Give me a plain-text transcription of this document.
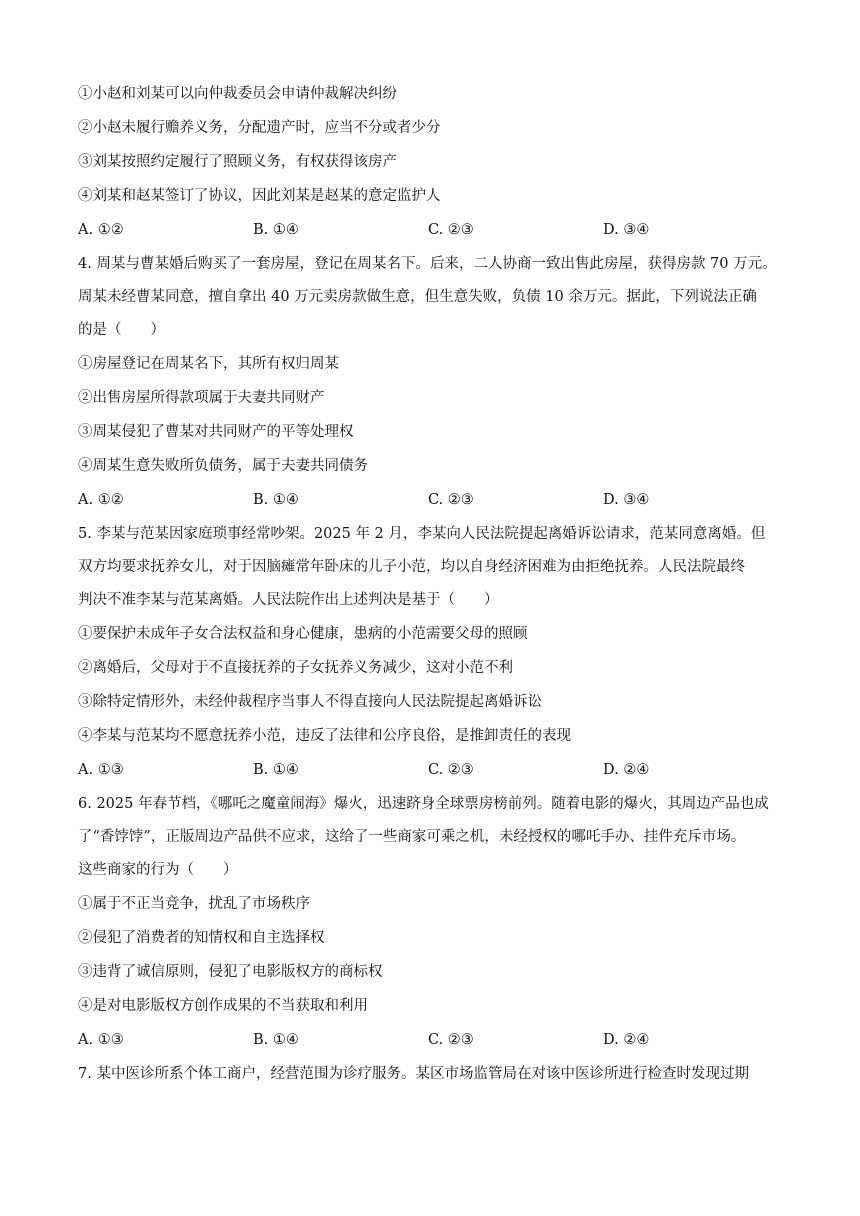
①小赵和刘某可以向仲裁委员会申请仲裁解决纠纷

②小赵未履行赡养义务，分配遗产时，应当不分或者少分

③刘某按照约定履行了照顾义务，有权获得该房产

④刘某和赵某签订了协议，因此刘某是赵某的意定监护人

A. ①②	B. ①④	C. ②③	D. ③④

4. 周某与曹某婚后购买了一套房屋，登记在周某名下。后来，二人协商一致出售此房屋，获得房款 70 万元。

周某未经曹某同意，擅自拿出 40 万元卖房款做生意，但生意失败，负债 10 余万元。据此，下列说法正确

的是（　　）

①房屋登记在周某名下，其所有权归周某

②出售房屋所得款项属于夫妻共同财产

③周某侵犯了曹某对共同财产的平等处理权

④周某生意失败所负债务，属于夫妻共同债务

A. ①②	B. ①④	C. ②③	D. ③④

5. 李某与范某因家庭琐事经常吵架。2025 年 2 月，李某向人民法院提起离婚诉讼请求，范某同意离婚。但

双方均要求抚养女儿，对于因脑瘫常年卧床的儿子小范，均以自身经济困难为由拒绝抚养。人民法院最终

判决不准李某与范某离婚。人民法院作出上述判决是基于（　　）

①要保护未成年子女合法权益和身心健康，患病的小范需要父母的照顾

②离婚后，父母对于不直接抚养的子女抚养义务减少，这对小范不利

③除特定情形外，未经仲裁程序当事人不得直接向人民法院提起离婚诉讼

④李某与范某均不愿意抚养小范，违反了法律和公序良俗，是推卸责任的表现

A. ①③	B. ①④	C. ②③	D. ②④

6. 2025 年春节档，《哪吒之魔童闹海》爆火，迅速跻身全球票房榜前列。随着电影的爆火，其周边产品也成

了“香饽饽”，正版周边产品供不应求，这给了一些商家可乘之机，未经授权的哪吒手办、挂件充斥市场。

这些商家的行为（　　）

①属于不正当竞争，扰乱了市场秩序

②侵犯了消费者的知情权和自主选择权

③违背了诚信原则，侵犯了电影版权方的商标权

④是对电影版权方创作成果的不当获取和利用

A. ①③	B. ①④	C. ②③	D. ②④

7. 某中医诊所系个体工商户，经营范围为诊疗服务。某区市场监管局在对该中医诊所进行检查时发现过期
